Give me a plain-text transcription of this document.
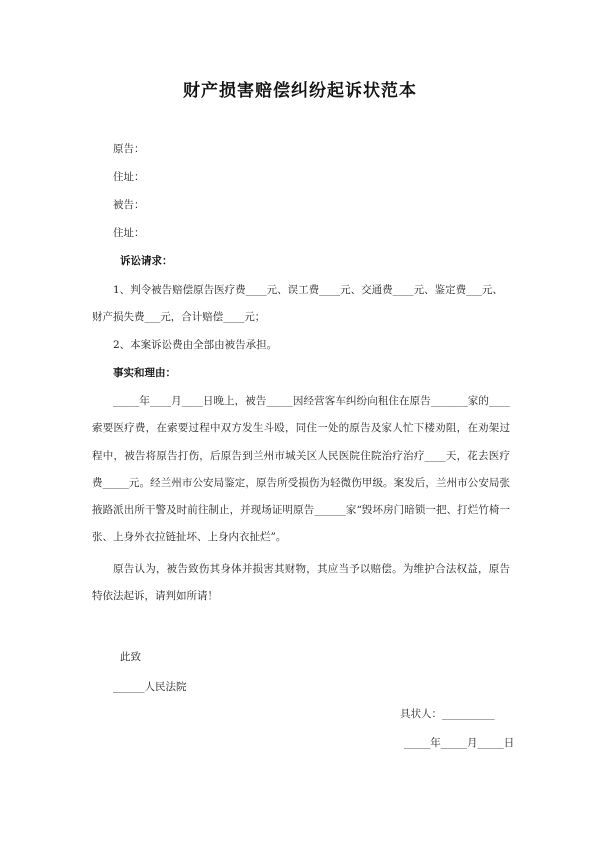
财产损害赔偿纠纷起诉状范本
原告：
住址：
被告：
住址：
诉讼请求：
1、判令被告赔偿原告医疗费____元、误工费____元、交通费____元、鉴定费___元、
财产损失费___元，合计赔偿____元；
2、本案诉讼费由全部由被告承担。
事实和理由：
_____年____月____日晚上，被告_____因经营客车纠纷向租住在原告_______家的____索要医疗费，在索要过程中双方发生斗殴，同住一处的原告及家人忙下楼劝阻，在劝架过程中，被告将原告打伤，后原告到兰州市城关区人民医院住院治疗治疗____天，花去医疗费_____元。经兰州市公安局鉴定，原告所受损伤为轻微伤甲级。案发后，兰州市公安局张掖路派出所干警及时前往制止，并现场证明原告______家“毁坏房门暗锁一把、打烂竹椅一张、上身外衣拉链扯坏、上身内衣扯烂”。
原告认为，被告致伤其身体并损害其财物，其应当予以赔偿。为维护合法权益，原告特依法起诉，请判如所请！
此致
______人民法院
具状人：__________
_____年_____月_____日
